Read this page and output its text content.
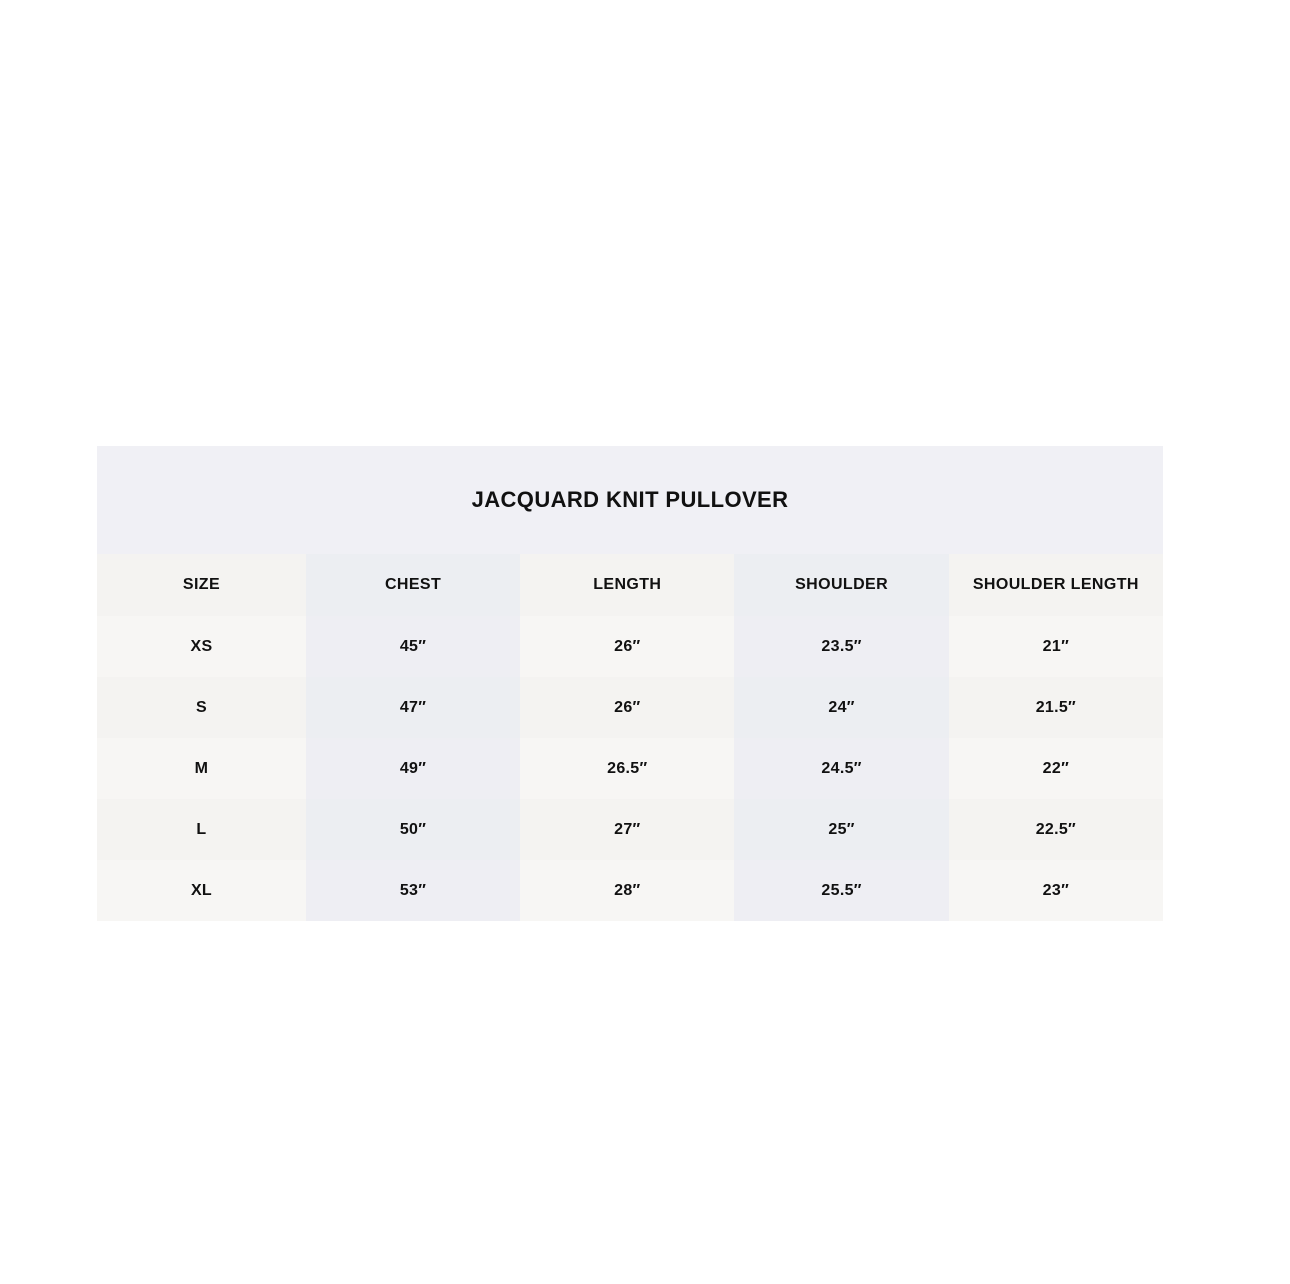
JACQUARD KNIT PULLOVER
SIZE	CHEST	LENGTH	SHOULDER	SHOULDER LENGTH
XS	45″	26″	23.5″	21″
S	47″	26″	24″	21.5″
M	49″	26.5″	24.5″	22″
L	50″	27″	25″	22.5″
XL	53″	28″	25.5″	23″
